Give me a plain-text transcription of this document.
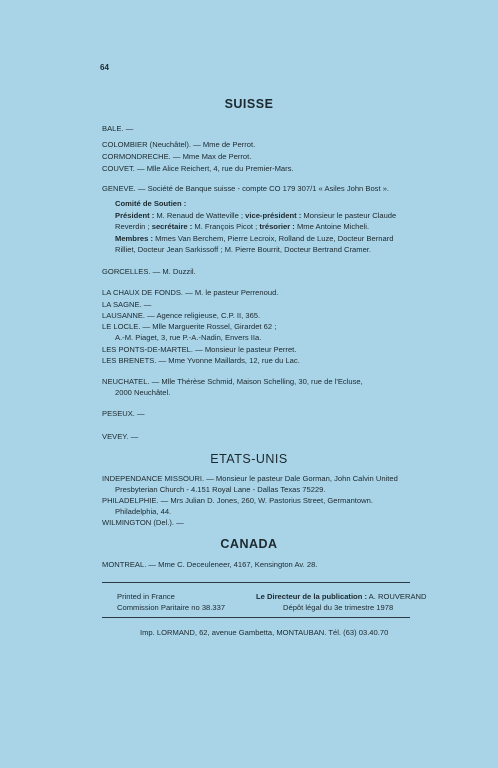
64
SUISSE
BALE. —
COLOMBIER (Neuchâtel). — Mme de Perrot.
CORMONDRECHE. — Mme Max de Perrot.
COUVET. — Mlle Alice Reichert, 4, rue du Premier-Mars.
GENEVE. — Société de Banque suisse - compte CO 179 307/1 « Asiles John Bost ».
Comité de Soutien :
Président : M. Renaud de Watteville ; vice-président : Monsieur le pasteur Claude
Reverdin ; secrétaire : M. François Picot ; trésorier : Mme Antoine Micheli.
Membres : Mmes Van Berchem, Pierre Lecroix, Rolland de Luze, Docteur Bernard
Rilliet, Docteur Jean Sarkissoff ; M. Pierre Bourrit, Docteur Bertrand Cramer.
GORCELLES. — M. Duzzil.
LA CHAUX DE FONDS. — M. le pasteur Perrenoud.
LA SAGNE. —
LAUSANNE. — Agence religieuse, C.P. II, 365.
LE LOCLE. — Mlle Marguerite Rossel, Girardet 62 ;
A.-M. Piaget, 3, rue P.-A.-Nadin, Envers IIa.
LES PONTS-DE-MARTEL. — Monsieur le pasteur Perret.
LES BRENETS. — Mme Yvonne Maillards, 12, rue du Lac.
NEUCHATEL. — Mlle Thérèse Schmid, Maison Schelling, 30, rue de l'Ecluse,
2000 Neuchâtel.
PESEUX. —
VEVEY. —
ETATS-UNIS
INDEPENDANCE MISSOURI. — Monsieur le pasteur Dale Gorman, John Calvin United
Presbyterian Church - 4.151 Royal Lane - Dallas Texas 75229.
PHILADELPHIE. — Mrs Julian D. Jones, 260, W. Pastorius Street, Germantown.
Philadelphia, 44.
WILMINGTON (Del.). —
CANADA
MONTREAL. — Mme C. Deceuleneer, 4167, Kensington Av. 28.
Printed in France
Commission Paritaire no 38.337
Le Directeur de la publication : A. ROUVERAND
Dépôt légal du 3e trimestre 1978
Imp. LORMAND, 62, avenue Gambetta, MONTAUBAN. Tél. (63) 03.40.70
